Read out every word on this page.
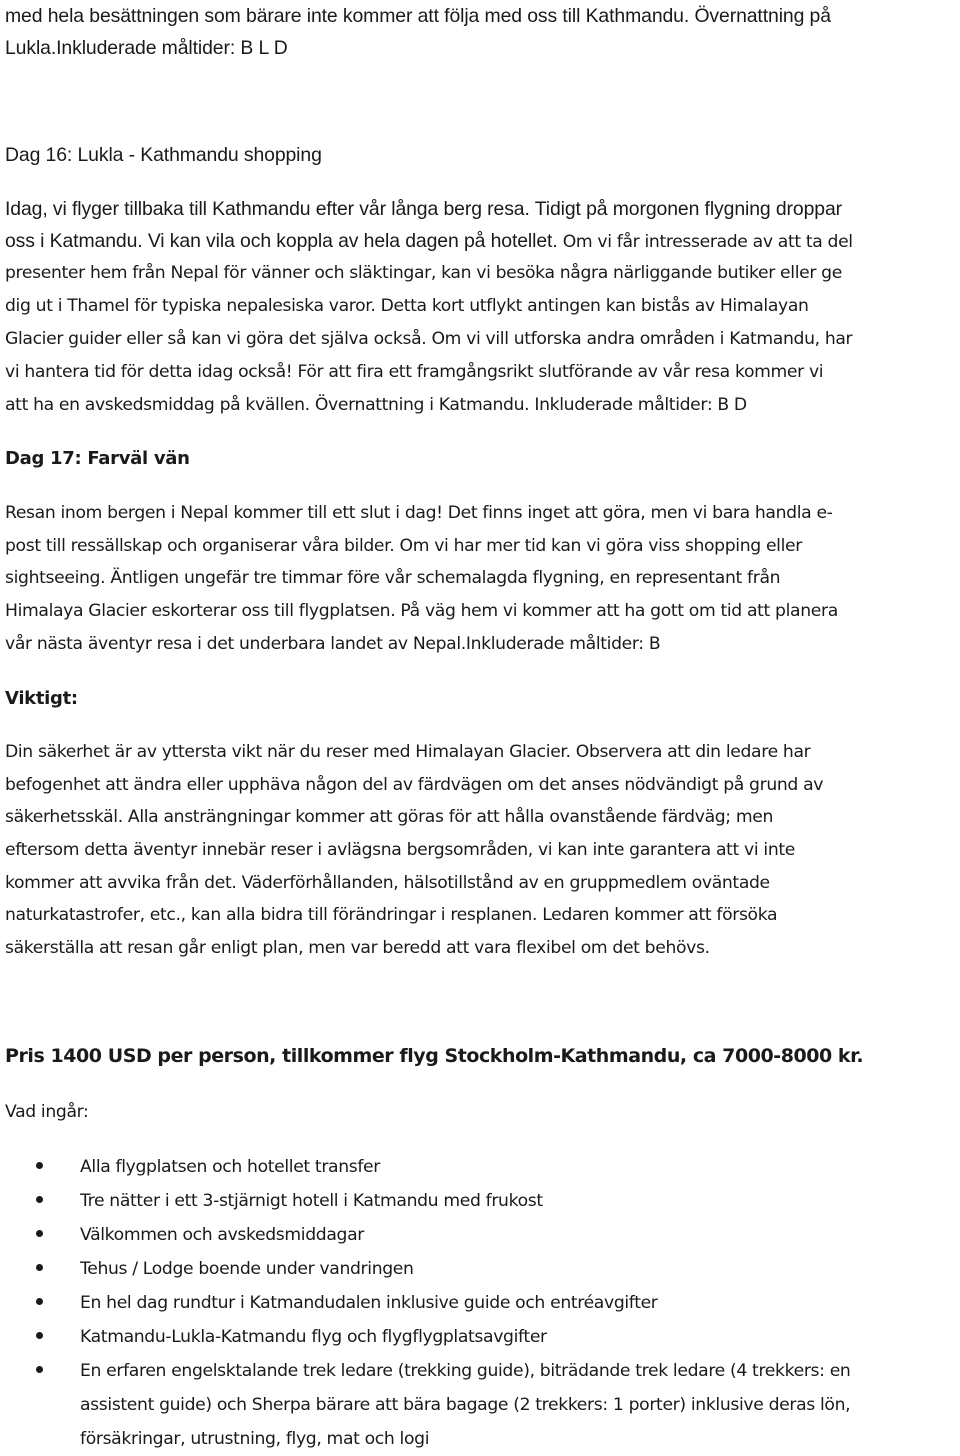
med hela besättningen som bärare inte kommer att följa med oss till Kathmandu. Övernattning på
Lukla.Inkluderade måltider: B L D
Dag 16: Lukla - Kathmandu shopping
Idag, vi flyger tillbaka till Kathmandu efter vår långa berg resa. Tidigt på morgonen flygning droppar
oss i Katmandu. Vi kan vila och koppla av hela dagen på hotellet. Om vi får intresserade av att ta del
presenter hem från Nepal för vänner och släktingar, kan vi besöka några närliggande butiker eller ge
dig ut i Thamel för typiska nepalesiska varor. Detta kort utflykt antingen kan bistås av Himalayan
Glacier guider eller så kan vi göra det själva också. Om vi vill utforska andra områden i Katmandu, har
vi hantera tid för detta idag också! För att fira ett framgångsrikt slutförande av vår resa kommer vi
att ha en avskedsmiddag på kvällen. Övernattning i Katmandu. Inkluderade måltider: B D
Dag 17: Farväl vän
Resan inom bergen i Nepal kommer till ett slut i dag! Det finns inget att göra, men vi bara handla e-
post till ressällskap och organiserar våra bilder. Om vi har mer tid kan vi göra viss shopping eller
sightseeing. Äntligen ungefär tre timmar före vår schemalagda flygning, en representant från
Himalaya Glacier eskorterar oss till flygplatsen. På väg hem vi kommer att ha gott om tid att planera
vår nästa äventyr resa i det underbara landet av Nepal.Inkluderade måltider: B
Viktigt:
Din säkerhet är av yttersta vikt när du reser med Himalayan Glacier. Observera att din ledare har
befogenhet att ändra eller upphäva någon del av färdvägen om det anses nödvändigt på grund av
säkerhetsskäl. Alla ansträngningar kommer att göras för att hålla ovanstående färdväg; men
eftersom detta äventyr innebär reser i avlägsna bergsområden, vi kan inte garantera att vi inte
kommer att avvika från det. Väderförhållanden, hälsotillstånd av en gruppmedlem oväntade
naturkatastrofer, etc., kan alla bidra till förändringar i resplanen. Ledaren kommer att försöka
säkerställa att resan går enligt plan, men var beredd att vara flexibel om det behövs.
Pris 1400 USD per person, tillkommer flyg Stockholm-Kathmandu, ca 7000-8000 kr.
Vad ingår:
Alla flygplatsen och hotellet transfer
Tre nätter i ett 3-stjärnigt hotell i Katmandu med frukost
Välkommen och avskedsmiddagar
Tehus / Lodge boende under vandringen
En hel dag rundtur i Katmandudalen inklusive guide och entréavgifter
Katmandu-Lukla-Katmandu flyg och flygflygplatsavgifter
En erfaren engelsktalande trek ledare (trekking guide), biträdande trek ledare (4 trekkers: en
assistent guide) och Sherpa bärare att bära bagage (2 trekkers: 1 porter) inklusive deras lön,
försäkringar, utrustning, flyg, mat och logi
